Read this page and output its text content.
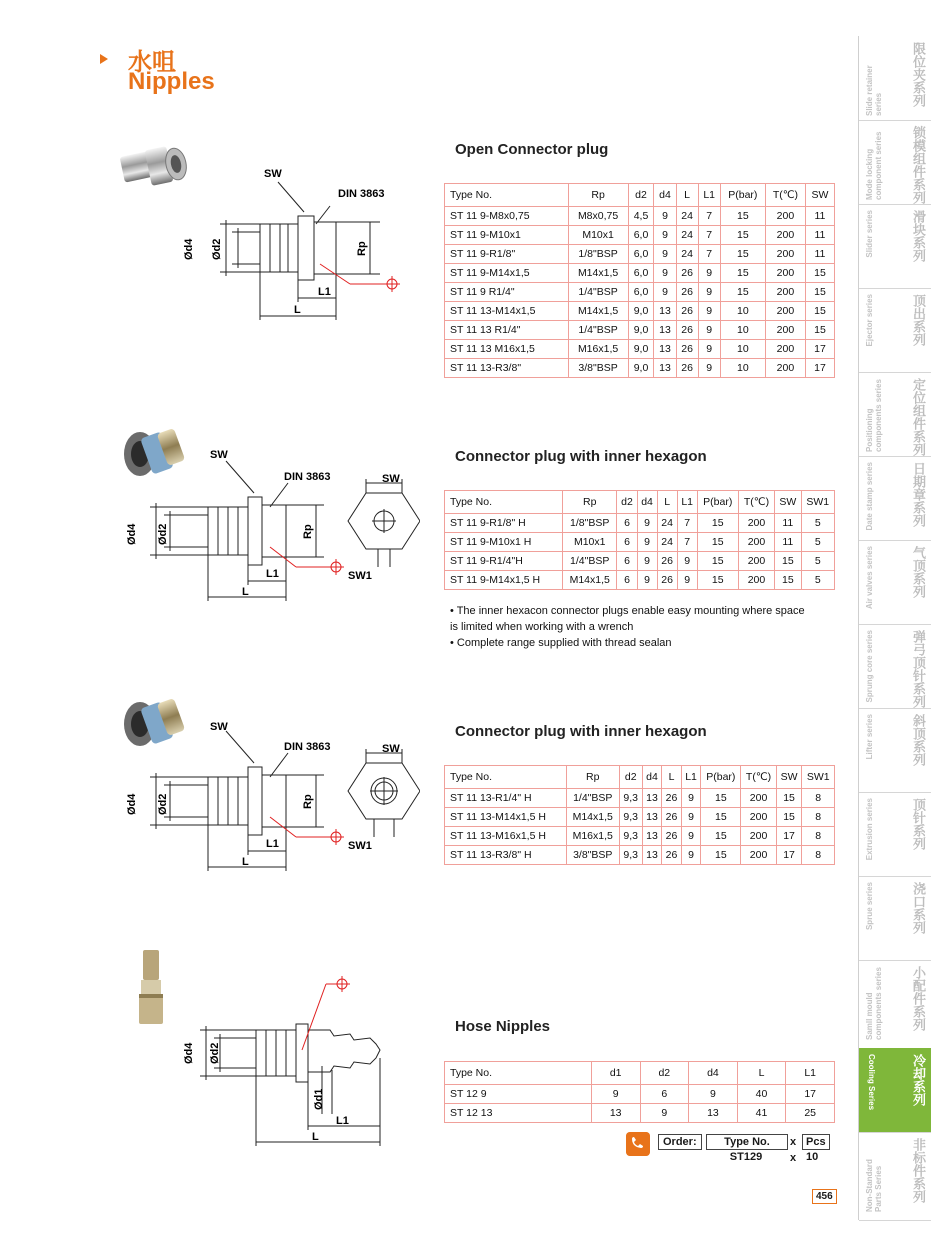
水咀
Nipples
Open Connector plug
Connector plug with inner hexagon
Connector plug with inner hexagon
Hose Nipples
Type No.	Rp	d2	d4	L	L1	P(bar)	T(℃)	SW
ST 11 9-M8x0,75	M8x0,75	4,5	9	24	7	15	200	11
ST 11 9-M10x1	M10x1	6,0	9	24	7	15	200	11
ST 11 9-R1/8"	1/8"BSP	6,0	9	24	7	15	200	11
ST 11 9-M14x1,5	M14x1,5	6,0	9	26	9	15	200	15
ST 11 9 R1/4"	1/4"BSP	6,0	9	26	9	15	200	15
ST 11 13-M14x1,5	M14x1,5	9,0	13	26	9	10	200	15
ST 11 13 R1/4"	1/4"BSP	9,0	13	26	9	10	200	15
ST 11 13 M16x1,5	M16x1,5	9,0	13	26	9	10	200	17
ST 11 13-R3/8"	3/8"BSP	9,0	13	26	9	10	200	17
Type No.	Rp	d2	d4	L	L1	P(bar)	T(℃)	SW	SW1
ST 11 9-R1/8" H	1/8"BSP	6	9	24	7	15	200	11	5
ST 11 9-M10x1 H	M10x1	6	9	24	7	15	200	11	5
ST 11 9-R1/4"H	1/4"BSP	6	9	26	9	15	200	15	5
ST 11 9-M14x1,5 H	M14x1,5	6	9	26	9	15	200	15	5
Type No.	Rp	d2	d4	L	L1	P(bar)	T(℃)	SW	SW1
ST 11 13-R1/4" H	1/4"BSP	9,3	13	26	9	15	200	15	8
ST 11 13-M14x1,5 H	M14x1,5	9,3	13	26	9	15	200	15	8
ST 11 13-M16x1,5 H	M16x1,5	9,3	13	26	9	15	200	17	8
ST 11 13-R3/8" H	3/8"BSP	9,3	13	26	9	15	200	17	8
Type No.	d1	d2	d4	L	L1
ST 12 9	9	6	9	40	17
ST 12 13	13	9	13	41	25
• The inner hexacon connector plugs enable easy mounting where space
is limited when working with a wrench
• Complete range supplied with thread sealan
SW
DIN 3863
Ød4 Ød2	Rp
L1
L
SW
DIN 3863
Ød4 Ød2	Rp
L1
L
SW
SW1
SW
DIN 3863
Ød4 Ød2	Rp
L1
L
SW
SW1
Ød4 Ød2
Ød1
L1
L	Order:	Type No.
ST129
x
x
Pcs
10
456
限位夹系列
Slide retainer series
锁模组件系列
Mode locking component series
滑块系列
Slider series
顶出系列
Ejector series
定位组件系列
Positioning components series
日期章系列
Date stamp series
气顶系列
Air valves series
弹弓顶针系列
Sprung core series
斜顶系列
Lifter series
顶针系列
Extrusion series
浇口系列
Sprue series
小配件系列
Samll mould components series
冷却系列
Cooling Series
非标件系列
Non-Standard Parts Series
